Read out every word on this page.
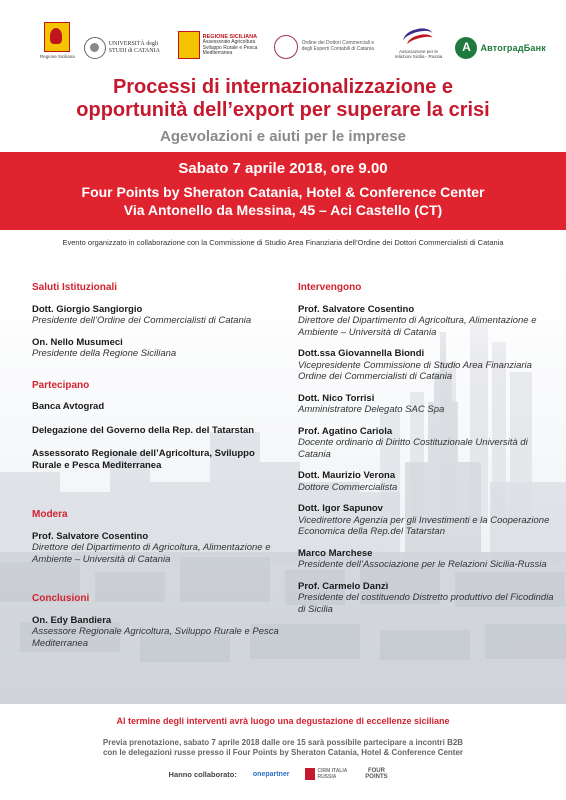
Regione Siciliana
UNIVERSITÀ degli STUDI di CATANIA
REGIONE SICILIANA
Assessorato Agricoltura Sviluppo Rurale e Pesca Mediterranea
Ordine dei Dottori Commerciali e degli Esperti Contabili di Catania	Associazione per le relazioni Sicilia - Russia
A	АвтоградБанк
Processi di internazionalizzazione e
opportunità dell’export per superare la crisi
Agevolazioni e aiuti per le imprese
Sabato 7 aprile 2018, ore 9.00
Four Points by Sheraton Catania, Hotel & Conference Center
Via Antonello da Messina, 45 – Aci Castello (CT)
Evento organizzato in collaborazione con la Commissione di Studio Area Finanziaria dell’Ordine dei Dottori Commercialisti di Catania
Saluti Istituzionali
Dott. Giorgio Sangiorgio
Presidente dell’Ordine dei Commercialisti di Catania
On. Nello Musumeci
Presidente della Regione Siciliana
Partecipano
Banca Avtograd
Delegazione del Governo della Rep. del Tatarstan
Assessorato Regionale dell’Agricoltura, Sviluppo Rurale e Pesca Mediterranea
Modera
Prof. Salvatore Cosentino
Direttore del Dipartimento di Agricoltura, Alimentazione e Ambiente – Università di Catania
Conclusioni
On. Edy Bandiera
Assessore Regionale Agricoltura, Sviluppo Rurale e Pesca Mediterranea
Intervengono
Prof. Salvatore Cosentino
Direttore del Dipartimento di Agricoltura, Alimentazione e Ambiente – Università di Catania
Dott.ssa Giovannella Biondi
Vicepresidente Commissione di Studio Area Finanziaria Ordine dei Commercialisti di Catania
Dott. Nico Torrisi
Amministratore Delegato SAC Spa
Prof. Agatino Cariola
Docente ordinario di Diritto Costituzionale Università di Catania
Dott. Maurizio Verona
Dottore Commercialista
Dott. Igor Sapunov
Vicedirettore Agenzia per gli Investimenti e la Cooperazione Economica della Rep.del Tatarstan
Marco Marchese
Presidente dell’Associazione per le Relazioni Sicilia-Russia
Prof. Carmelo Danzì
Presidente del costituendo Distretto produttivo del Ficodindia di Sicilia
Al termine degli interventi avrà luogo una degustazione di eccellenze siciliane
Previa prenotazione, sabato 7 aprile 2018 dalle ore 15 sarà possibile partecipare a incontri B2B
con le delegazioni russe presso il Four Points by Sheraton Catania, Hotel & Conference Center
Hanno collaborato: onepartner	CIRM ITALIA RUSSIA
FOUR POINTS
